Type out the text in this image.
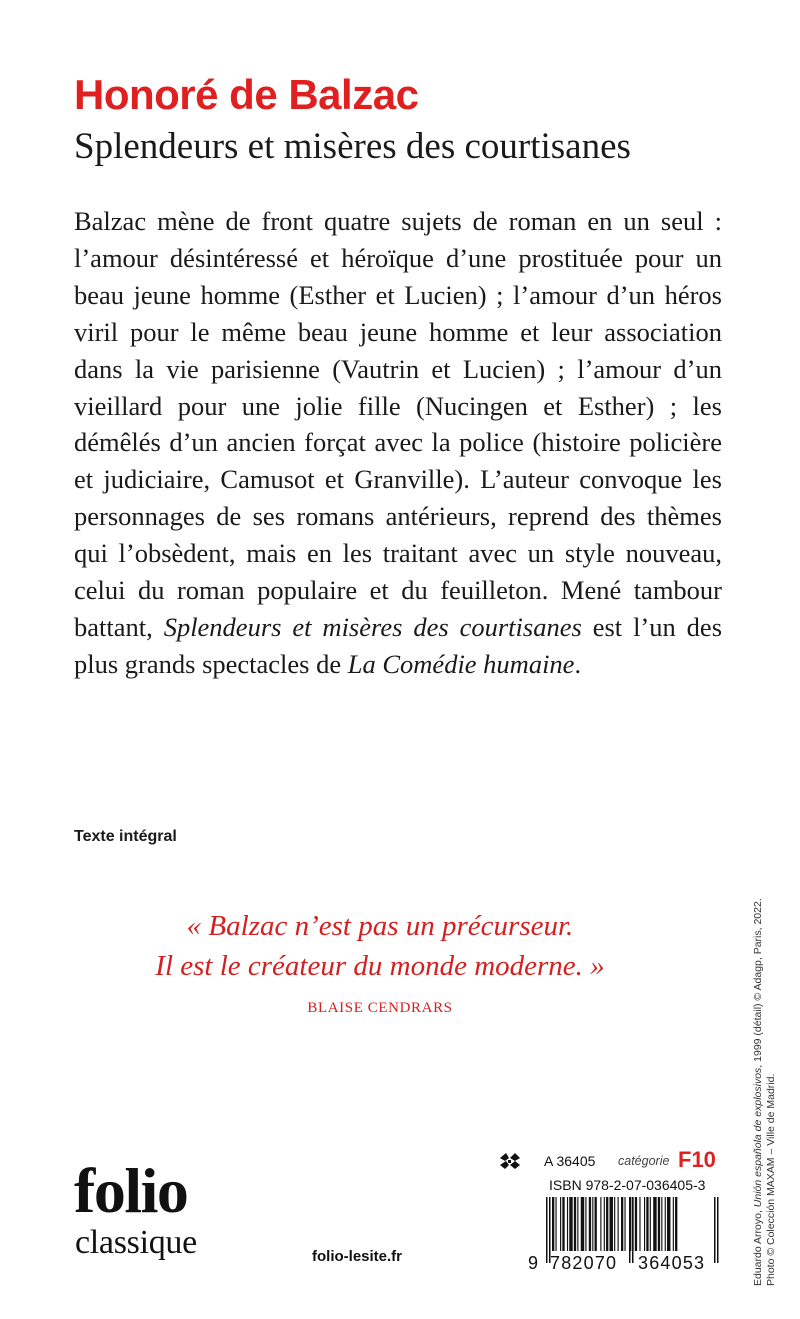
Honoré de Balzac
Splendeurs et misères des courtisanes
Balzac mène de front quatre sujets de roman en un seul : l’amour désintéressé et héroïque d’une prostituée pour un beau jeune homme (Esther et Lucien) ; l’amour d’un héros viril pour le même beau jeune homme et leur association dans la vie parisienne (Vautrin et Lucien) ; l’amour d’un vieillard pour une jolie fille (Nucingen et Esther) ; les démêlés d’un ancien forçat avec la police (histoire policière et judiciaire, Camusot et Granville). L’auteur convoque les personnages de ses romans antérieurs, reprend des thèmes qui l’obsèdent, mais en les traitant avec un style nouveau, celui du roman populaire et du feuilleton. Mené tambour battant, Splendeurs et misères des courtisanes est l’un des plus grands spectacles de La Comédie humaine.
Texte intégral
« Balzac n’est pas un précurseur.
Il est le créateur du monde moderne. »
BLAISE CENDRARS
folio
classique	folio-lesite.fr
A 36405 catégorie F10
ISBN 978-2-07-036405-3
9 782070 364053	Eduardo Arroyo, Unión española de explosivos, 1999 (détail) © Adagp, Paris, 2022.
Photo © Colección MAXAM – Ville de Madrid.
